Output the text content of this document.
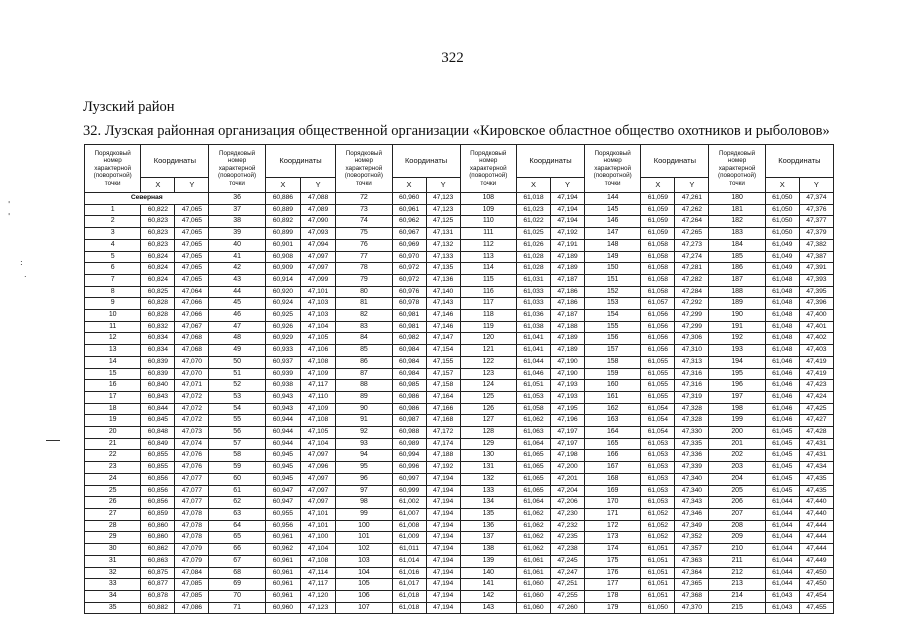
322
Лузский район
32. Лузская районная организация общественной организации «Кировское областное общество охотников и рыболовов»
'
'
:
.
Порядковый номер характерной (поворотной) точки	Координаты		Порядковый номер характерной (поворотной) точки	Координаты		Порядковый номер характерной (поворотной) точки	Координаты		Порядковый номер характерной (поворотной) точки	Координаты		Порядковый номер характерной (поворотной) точки	Координаты		Порядковый номер характерной (поворотной) точки	Координаты	
	X	Y		X	Y		X	Y		X	Y		X	Y		X	Y
Северная			36	60,886	47,088	72	60,960	47,123	108	61,018	47,194	144	61,059	47,261	180	61,050	47,374
1	60,822	47,065	37	60,889	47,089	73	60,961	47,123	109	61,023	47,194	145	61,059	47,262	181	61,050	47,376
2	60,823	47,065	38	60,892	47,090	74	60,962	47,125	110	61,022	47,194	146	61,059	47,264	182	61,050	47,377
3	60,823	47,065	39	60,899	47,093	75	60,967	47,131	111	61,025	47,192	147	61,059	47,265	183	61,050	47,379
4	60,823	47,065	40	60,901	47,094	76	60,969	47,132	112	61,026	47,191	148	61,058	47,273	184	61,049	47,382
5	60,824	47,065	41	60,908	47,097	77	60,970	47,133	113	61,028	47,189	149	61,058	47,274	185	61,049	47,387
6	60,824	47,065	42	60,909	47,097	78	60,972	47,135	114	61,028	47,189	150	61,058	47,281	186	61,049	47,391
7	60,824	47,065	43	60,914	47,099	79	60,972	47,136	115	61,031	47,187	151	61,058	47,282	187	61,048	47,393
8	60,825	47,064	44	60,920	47,101	80	60,976	47,140	116	61,033	47,186	152	61,058	47,284	188	61,048	47,395
9	60,828	47,066	45	60,924	47,103	81	60,978	47,143	117	61,033	47,186	153	61,057	47,292	189	61,048	47,396
10	60,828	47,066	46	60,925	47,103	82	60,981	47,146	118	61,036	47,187	154	61,056	47,299	190	61,048	47,400
11	60,832	47,067	47	60,926	47,104	83	60,981	47,146	119	61,038	47,188	155	61,056	47,299	191	61,048	47,401
12	60,834	47,068	48	60,929	47,105	84	60,982	47,147	120	61,041	47,189	156	61,056	47,306	192	61,048	47,402
13	60,834	47,068	49	60,933	47,106	85	60,984	47,154	121	61,041	47,189	157	61,056	47,310	193	61,048	47,403
14	60,839	47,070	50	60,937	47,108	86	60,984	47,155	122	61,044	47,190	158	61,055	47,313	194	61,046	47,419
15	60,839	47,070	51	60,939	47,109	87	60,984	47,157	123	61,046	47,190	159	61,055	47,316	195	61,046	47,419
16	60,840	47,071	52	60,938	47,117	88	60,985	47,158	124	61,051	47,193	160	61,055	47,316	196	61,046	47,423
17	60,843	47,072	53	60,943	47,110	89	60,986	47,164	125	61,053	47,193	161	61,055	47,319	197	61,046	47,424
18	60,844	47,072	54	60,943	47,109	90	60,986	47,166	126	61,058	47,195	162	61,054	47,328	198	61,046	47,425
19	60,845	47,072	55	60,944	47,108	91	60,987	47,168	127	61,062	47,196	163	61,054	47,328	199	61,046	47,427
20	60,848	47,073	56	60,944	47,105	92	60,988	47,172	128	61,063	47,197	164	61,054	47,330	200	61,045	47,428
21	60,849	47,074	57	60,944	47,104	93	60,989	47,174	129	61,064	47,197	165	61,053	47,335	201	61,045	47,431
22	60,855	47,076	58	60,945	47,097	94	60,994	47,188	130	61,065	47,198	166	61,053	47,336	202	61,045	47,431
23	60,855	47,076	59	60,945	47,096	95	60,996	47,192	131	61,065	47,200	167	61,053	47,339	203	61,045	47,434
24	60,856	47,077	60	60,945	47,097	96	60,997	47,194	132	61,065	47,201	168	61,053	47,340	204	61,045	47,435
25	60,856	47,077	61	60,947	47,097	97	60,999	47,194	133	61,065	47,204	169	61,053	47,340	205	61,045	47,435
26	60,856	47,077	62	60,947	47,097	98	61,002	47,194	134	61,064	47,206	170	61,053	47,343	206	61,044	47,440
27	60,859	47,078	63	60,955	47,101	99	61,007	47,194	135	61,062	47,230	171	61,052	47,346	207	61,044	47,440
28	60,860	47,078	64	60,956	47,101	100	61,008	47,194	136	61,062	47,232	172	61,052	47,349	208	61,044	47,444
29	60,860	47,078	65	60,961	47,100	101	61,009	47,194	137	61,062	47,235	173	61,052	47,352	209	61,044	47,444
30	60,862	47,079	66	60,962	47,104	102	61,011	47,194	138	61,062	47,238	174	61,051	47,357	210	61,044	47,444
31	60,863	47,079	67	60,961	47,108	103	61,014	47,194	139	61,061	47,245	175	61,051	47,363	211	61,044	47,449
32	60,875	47,084	68	60,961	47,114	104	61,016	47,194	140	61,061	47,247	176	61,051	47,364	212	61,044	47,450
33	60,877	47,085	69	60,961	47,117	105	61,017	47,194	141	61,060	47,251	177	61,051	47,365	213	61,044	47,450
34	60,878	47,085	70	60,961	47,120	106	61,018	47,194	142	61,060	47,255	178	61,051	47,368	214	61,043	47,454
35	60,882	47,086	71	60,960	47,123	107	61,018	47,194	143	61,060	47,260	179	61,050	47,370	215	61,043	47,455
